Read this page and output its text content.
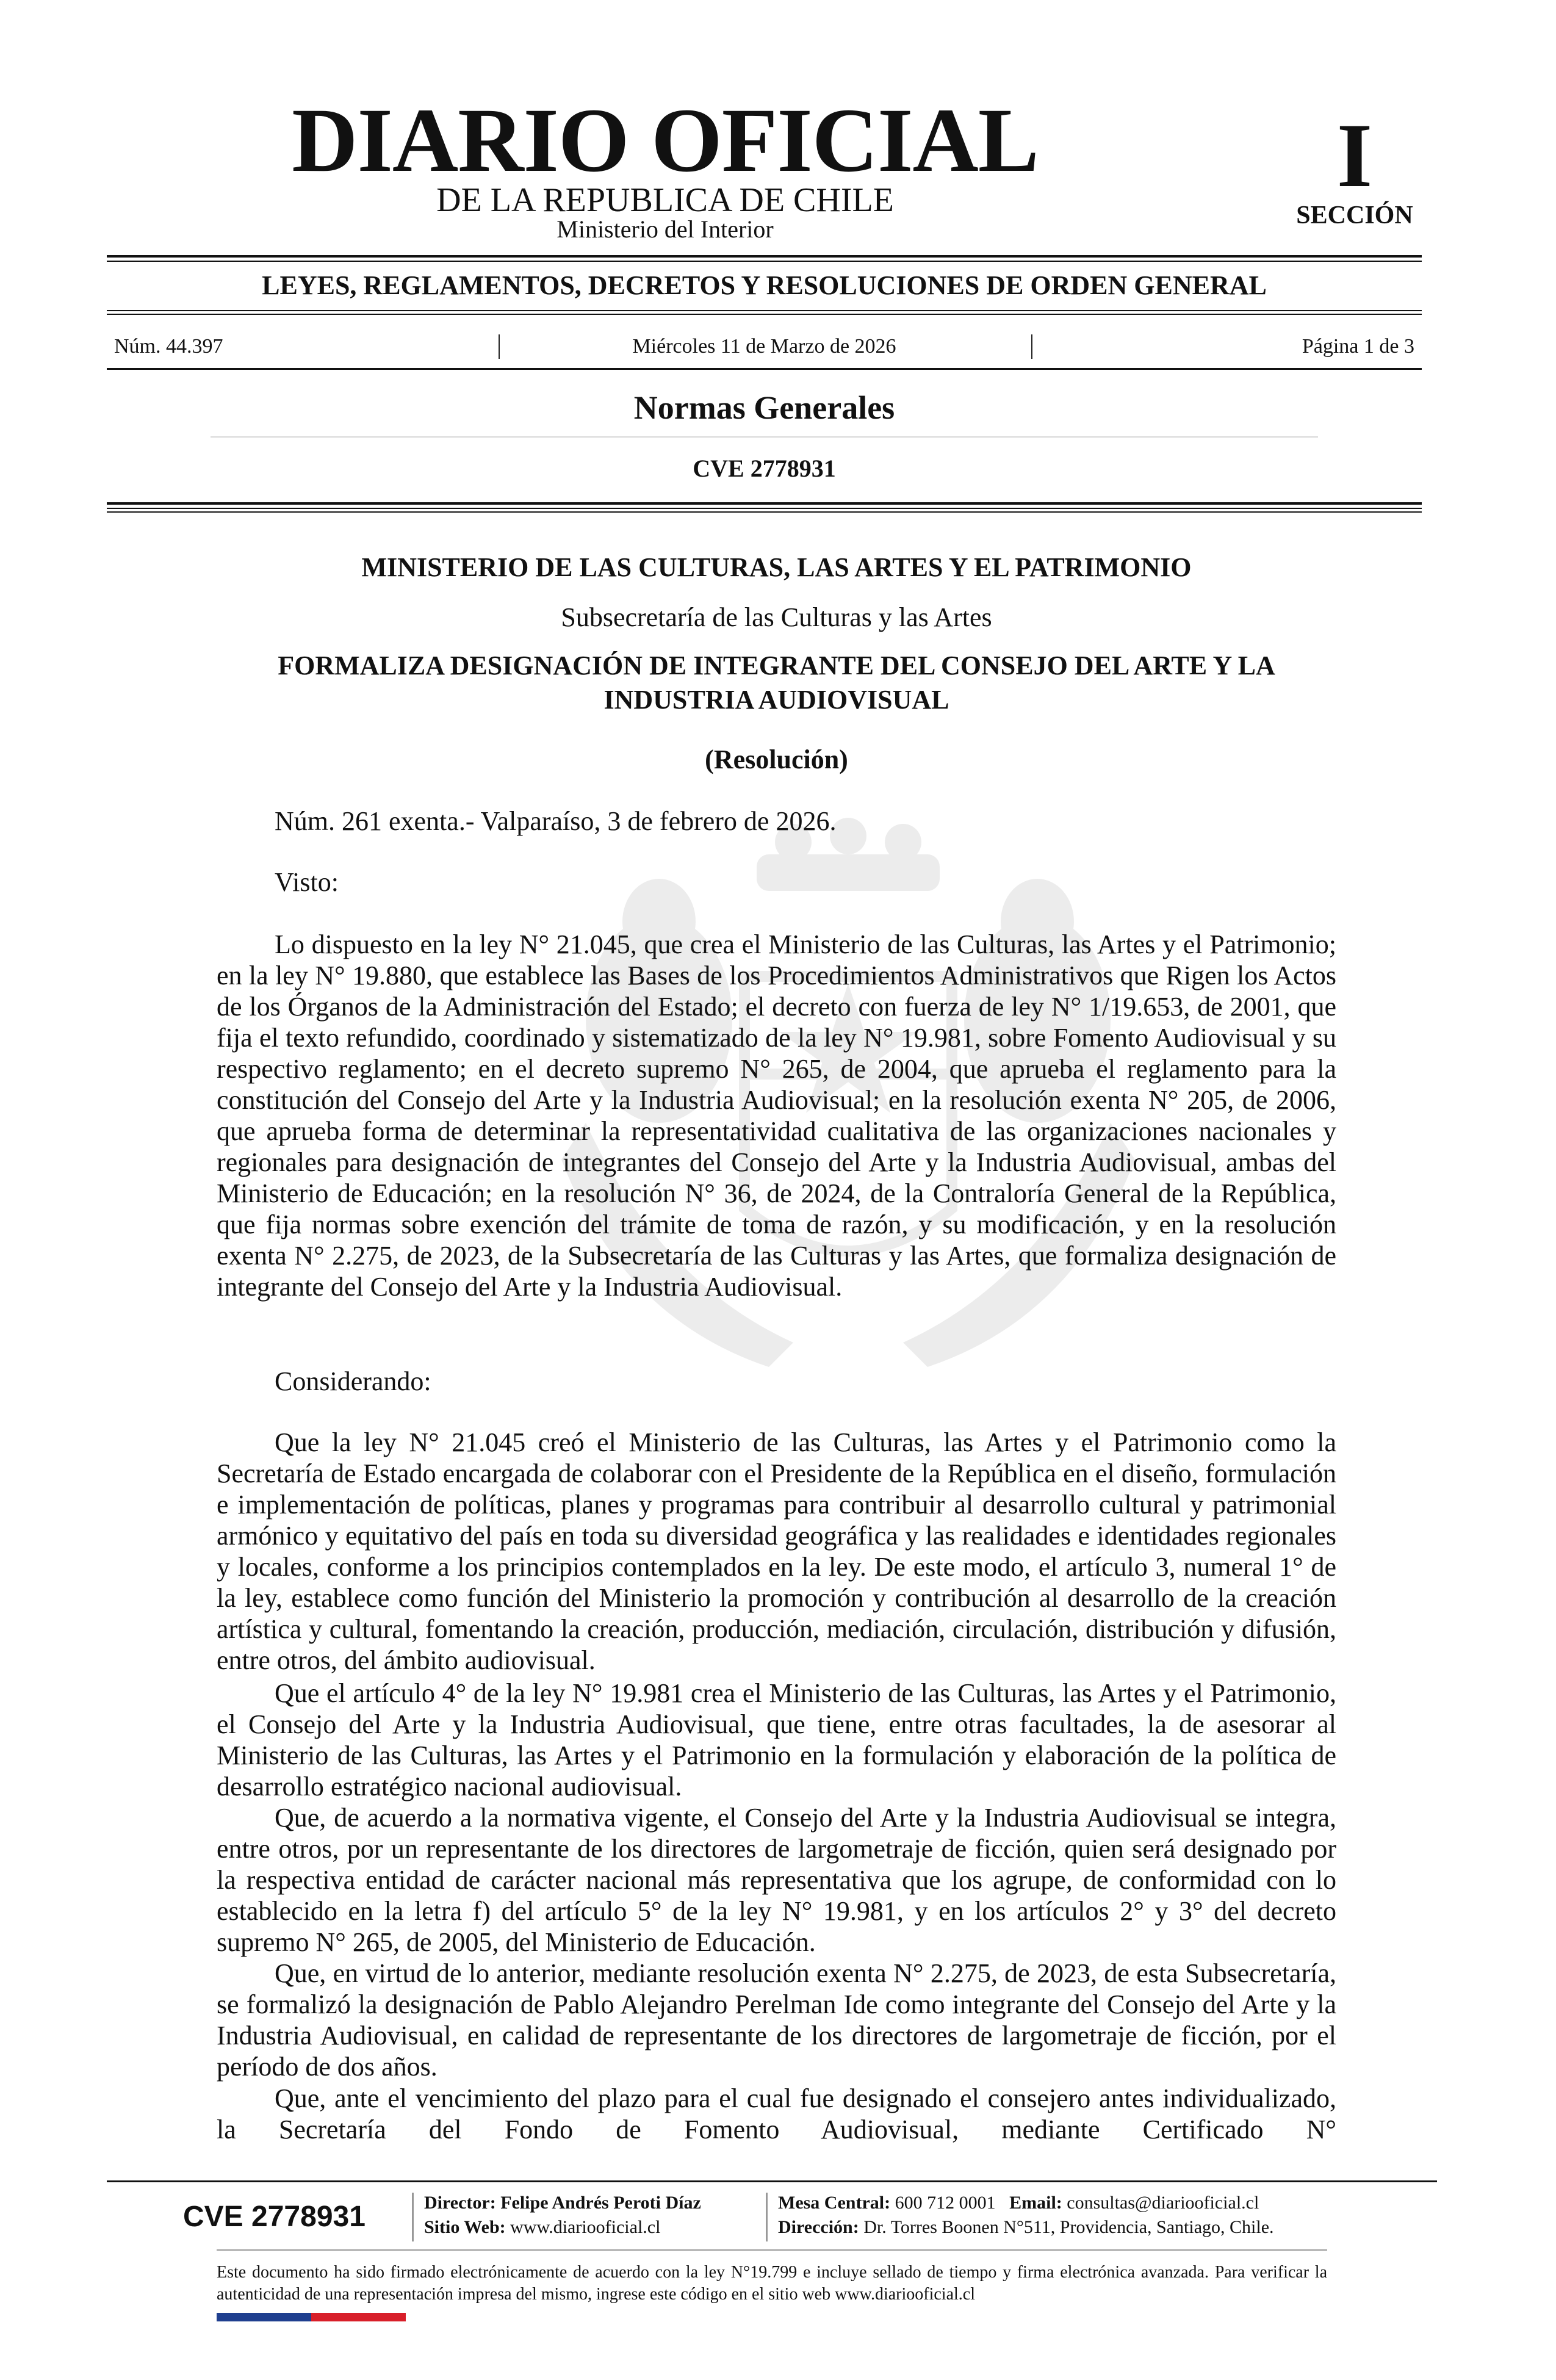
DIARIO OFICIAL
DE LA REPUBLICA DE CHILE
Ministerio del Interior
I
SECCIÓN
LEYES, REGLAMENTOS, DECRETOS Y RESOLUCIONES DE ORDEN GENERAL
Núm. 44.397	Miércoles 11 de Marzo de 2026	Página 1 de 3
Normas Generales
CVE 2778931
MINISTERIO DE LAS CULTURAS, LAS ARTES Y EL PATRIMONIO
Subsecretaría de las Culturas y las Artes
FORMALIZA DESIGNACIÓN DE INTEGRANTE DEL CONSEJO DEL ARTE Y LA
INDUSTRIA AUDIOVISUAL
(Resolución)
Núm. 261 exenta.- Valparaíso, 3 de febrero de 2026.
Visto:
Lo dispuesto en la ley N° 21.045, que crea el Ministerio de las Culturas, las Artes y el Patrimonio; en la ley N° 19.880, que establece las Bases de los Procedimientos Administrativos que Rigen los Actos de los Órganos de la Administración del Estado; el decreto con fuerza de ley N° 1/19.653, de 2001, que fija el texto refundido, coordinado y sistematizado de la ley N° 19.981, sobre Fomento Audiovisual y su respectivo reglamento; en el decreto supremo N° 265, de 2004, que aprueba el reglamento para la constitución del Consejo del Arte y la Industria Audiovisual; en la resolución exenta N° 205, de 2006, que aprueba forma de determinar la representatividad cualitativa de las organizaciones nacionales y regionales para designación de integrantes del Consejo del Arte y la Industria Audiovisual, ambas del Ministerio de Educación; en la resolución N° 36, de 2024, de la Contraloría General de la República, que fija normas sobre exención del trámite de toma de razón, y su modificación, y en la resolución exenta N° 2.275, de 2023, de la Subsecretaría de las Culturas y las Artes, que formaliza designación de integrante del Consejo del Arte y la Industria Audiovisual.
Considerando:
Que la ley N° 21.045 creó el Ministerio de las Culturas, las Artes y el Patrimonio como la Secretaría de Estado encargada de colaborar con el Presidente de la República en el diseño, formulación e implementación de políticas, planes y programas para contribuir al desarrollo cultural y patrimonial armónico y equitativo del país en toda su diversidad geográfica y las realidades e identidades regionales y locales, conforme a los principios contemplados en la ley. De este modo, el artículo 3, numeral 1° de la ley, establece como función del Ministerio la promoción y contribución al desarrollo de la creación artística y cultural, fomentando la creación, producción, mediación, circulación, distribución y difusión, entre otros, del ámbito audiovisual.
Que el artículo 4° de la ley N° 19.981 crea el Ministerio de las Culturas, las Artes y el Patrimonio, el Consejo del Arte y la Industria Audiovisual, que tiene, entre otras facultades, la de asesorar al Ministerio de las Culturas, las Artes y el Patrimonio en la formulación y elaboración de la política de desarrollo estratégico nacional audiovisual.
Que, de acuerdo a la normativa vigente, el Consejo del Arte y la Industria Audiovisual se integra, entre otros, por un representante de los directores de largometraje de ficción, quien será designado por la respectiva entidad de carácter nacional más representativa que los agrupe, de conformidad con lo establecido en la letra f) del artículo 5° de la ley N° 19.981, y en los artículos 2° y 3° del decreto supremo N° 265, de 2005, del Ministerio de Educación.
Que, en virtud de lo anterior, mediante resolución exenta N° 2.275, de 2023, de esta Subsecretaría, se formalizó la designación de Pablo Alejandro Perelman Ide como integrante del Consejo del Arte y la Industria Audiovisual, en calidad de representante de los directores de largometraje de ficción, por el período de dos años.
Que, ante el vencimiento del plazo para el cual fue designado el consejero antes individualizado, la Secretaría del Fondo de Fomento Audiovisual, mediante Certificado N°
CVE 2778931	Director: Felipe Andrés Peroti Díaz
Sitio Web: www.diariooficial.cl
Mesa Central: 600 712 0001 Email: consultas@diariooficial.cl
Dirección: Dr. Torres Boonen N°511, Providencia, Santiago, Chile.
Este documento ha sido firmado electrónicamente de acuerdo con la ley N°19.799 e incluye sellado de tiempo y firma electrónica avanzada. Para verificar la autenticidad de una representación impresa del mismo, ingrese este código en el sitio web www.diariooficial.cl
